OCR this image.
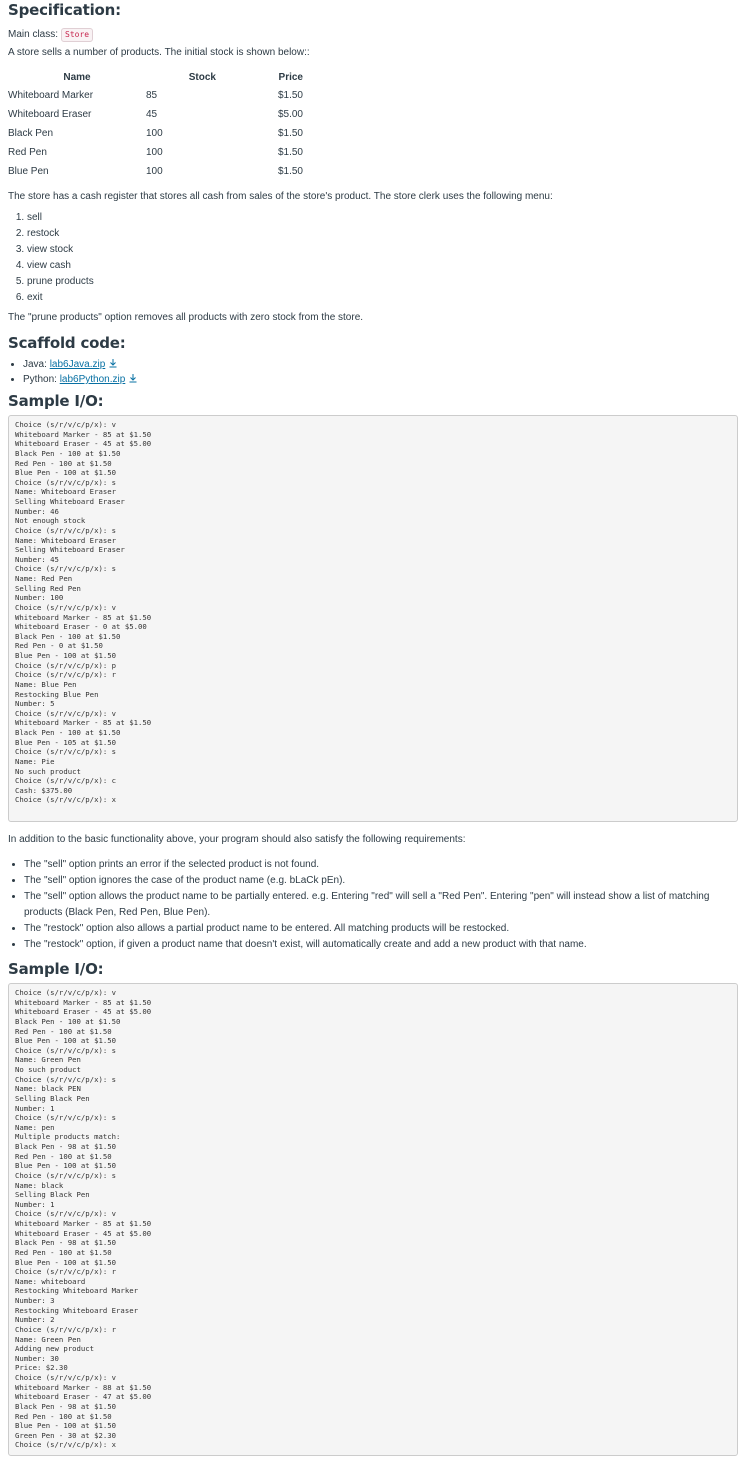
Specification:

Main class: Store

A store sells a number of products. The initial stock is shown below::

Name	Stock	Price
Whiteboard Marker	85	$1.50
Whiteboard Eraser	45	$5.00
Black Pen	100	$1.50
Red Pen	100	$1.50
Blue Pen	100	$1.50

The store has a cash register that stores all cash from sales of the store's product. The store clerk uses the following menu:

1. sell
2. restock
3. view stock
4. view cash
5. prune products
6. exit

The "prune products" option removes all products with zero stock from the store.

Scaffold code:
• Java: lab6Java.zip
• Python: lab6Python.zip
Sample I/O:
Choice (s/r/v/c/p/x): v
Whiteboard Marker - 85 at $1.50
Whiteboard Eraser - 45 at $5.00
Black Pen - 100 at $1.50
Red Pen - 100 at $1.50
Blue Pen - 100 at $1.50
Choice (s/r/v/c/p/x): s
Name: Whiteboard Eraser
Selling Whiteboard Eraser
Number: 46
Not enough stock
Choice (s/r/v/c/p/x): s
Name: Whiteboard Eraser
Selling Whiteboard Eraser
Number: 45
Choice (s/r/v/c/p/x): s
Name: Red Pen
Selling Red Pen
Number: 100
Choice (s/r/v/c/p/x): v
Whiteboard Marker - 85 at $1.50
Whiteboard Eraser - 0 at $5.00
Black Pen - 100 at $1.50
Red Pen - 0 at $1.50
Blue Pen - 100 at $1.50
Choice (s/r/v/c/p/x): p
Choice (s/r/v/c/p/x): r
Name: Blue Pen
Restocking Blue Pen
Number: 5
Choice (s/r/v/c/p/x): v
Whiteboard Marker - 85 at $1.50
Black Pen - 100 at $1.50
Blue Pen - 105 at $1.50
Choice (s/r/v/c/p/x): s
Name: Pie
No such product
Choice (s/r/v/c/p/x): c
Cash: $375.00
Choice (s/r/v/c/p/x): x

In addition to the basic functionality above, your program should also satisfy the following requirements:

• The "sell" option prints an error if the selected product is not found.
• The "sell" option ignores the case of the product name (e.g. bLaCk pEn).
• The "sell" option allows the product name to be partially entered. e.g. Entering "red" will sell a "Red Pen". Entering "pen" will instead show a list of matching products (Black Pen, Red Pen, Blue Pen).
• The "restock" option also allows a partial product name to be entered. All matching products will be restocked.
• The "restock" option, if given a product name that doesn't exist, will automatically create and add a new product with that name.
Sample I/O:
Choice (s/r/v/c/p/x): v
Whiteboard Marker - 85 at $1.50
Whiteboard Eraser - 45 at $5.00
Black Pen - 100 at $1.50
Red Pen - 100 at $1.50
Blue Pen - 100 at $1.50
Choice (s/r/v/c/p/x): s
Name: Green Pen
No such product
Choice (s/r/v/c/p/x): s
Name: black PEN
Selling Black Pen
Number: 1
Choice (s/r/v/c/p/x): s
Name: pen
Multiple products match:
Black Pen - 98 at $1.50
Red Pen - 100 at $1.50
Blue Pen - 100 at $1.50
Choice (s/r/v/c/p/x): s
Name: black
Selling Black Pen
Number: 1
Choice (s/r/v/c/p/x): v
Whiteboard Marker - 85 at $1.50
Whiteboard Eraser - 45 at $5.00
Black Pen - 98 at $1.50
Red Pen - 100 at $1.50
Blue Pen - 100 at $1.50
Choice (s/r/v/c/p/x): r
Name: whiteboard
Restocking Whiteboard Marker
Number: 3
Restocking Whiteboard Eraser
Number: 2
Choice (s/r/v/c/p/x): r
Name: Green Pen
Adding new product
Number: 30
Price: $2.30
Choice (s/r/v/c/p/x): v
Whiteboard Marker - 88 at $1.50
Whiteboard Eraser - 47 at $5.00
Black Pen - 98 at $1.50
Red Pen - 100 at $1.50
Blue Pen - 100 at $1.50
Green Pen - 30 at $2.30
Choice (s/r/v/c/p/x): x
